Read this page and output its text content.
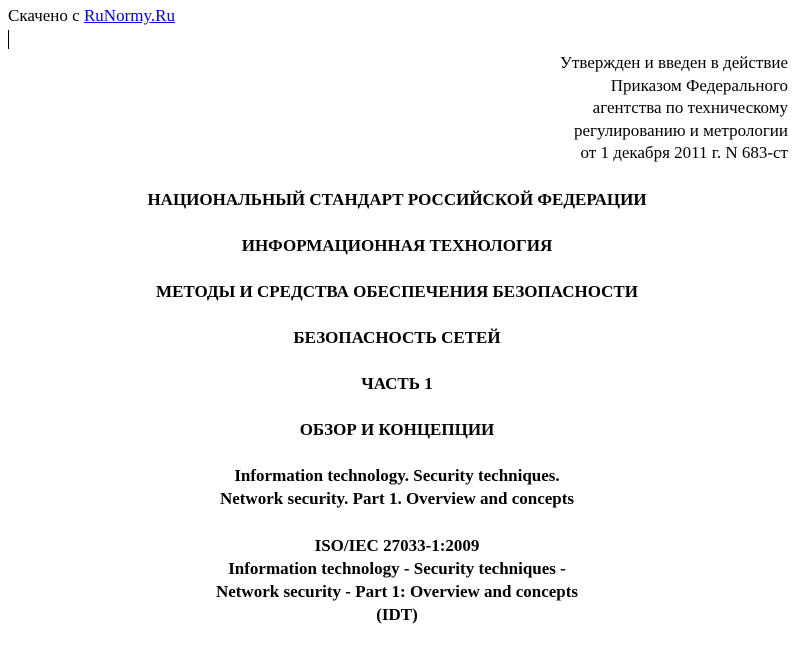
Скачено с RuNormy.Ru
Утвержден и введен в действие
Приказом Федерального
агентства по техническому
регулированию и метрологии
от 1 декабря 2011 г. N 683-ст
НАЦИОНАЛЬНЫЙ СТАНДАРТ РОССИЙСКОЙ ФЕДЕРАЦИИ
ИНФОРМАЦИОННАЯ ТЕХНОЛОГИЯ
МЕТОДЫ И СРЕДСТВА ОБЕСПЕЧЕНИЯ БЕЗОПАСНОСТИ
БЕЗОПАСНОСТЬ СЕТЕЙ
ЧАСТЬ 1
ОБЗОР И КОНЦЕПЦИИ
Information technology. Security techniques.
Network security. Part 1. Overview and concepts
ISO/IEC 27033-1:2009
Information technology - Security techniques -
Network security - Part 1: Overview and concepts
(IDT)
